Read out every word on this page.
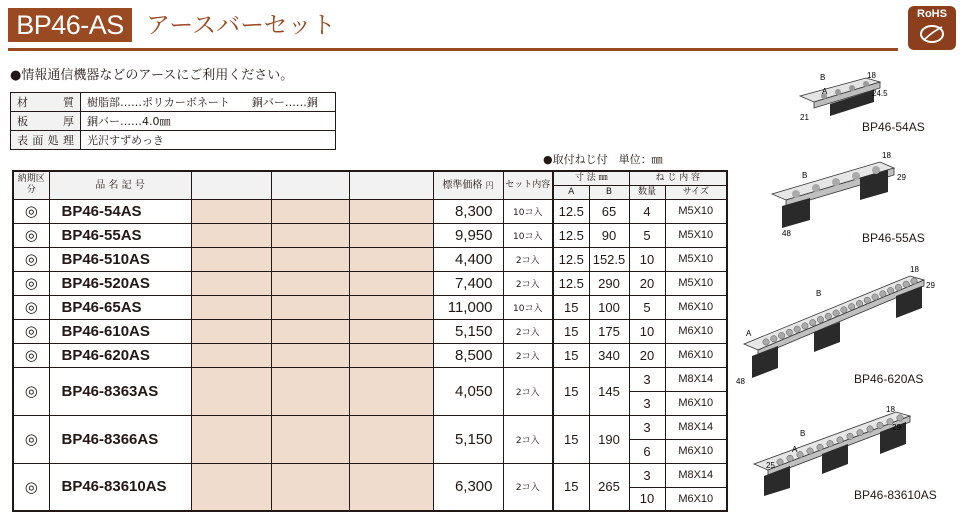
BP46-AS アースバーセット	RoHS
●情報通信機器などのアースにご利用ください。
材質	樹脂部……ポリカーボネート　　銅バー……銅
板厚	銅バー……4.0㎜
表面処理	光沢すずめっき
●取付ねじ付　単位：㎜
納期区分	品 名 記 号				標準価格 円	セット内容	寸 法 ㎜		ね じ 内 容	
							A	B	数量	サイズ
◎	BP46-54AS				8,300	10コ入	12.5	65	4	M5X10
◎	BP46-55AS				9,950	10コ入	12.5	90	5	M5X10
◎	BP46-510AS				4,400	2コ入	12.5	152.5	10	M5X10
◎	BP46-520AS				7,400	2コ入	12.5	290	20	M5X10
◎	BP46-65AS				11,000	10コ入	15	100	5	M6X10
◎	BP46-610AS				5,150	2コ入	15	175	10	M6X10
◎	BP46-620AS				8,500	2コ入	15	340	20	M6X10
◎	BP46-8363AS				4,050	2コ入	15	145	3	M8X14
									3	M6X10
◎	BP46-8366AS				5,150	2コ入	15	190	3	M8X14
									6	M6X10
◎	BP46-83610AS				6,300	2コ入	15	265	3	M8X14
									10	M6X10
B
A
18
24.5
21
BP46-54AS
B
18
29
48	BP46-55AS
B
A
18
29
48	BP46-620AS
B
A
25
18
29
BP46-83610AS
